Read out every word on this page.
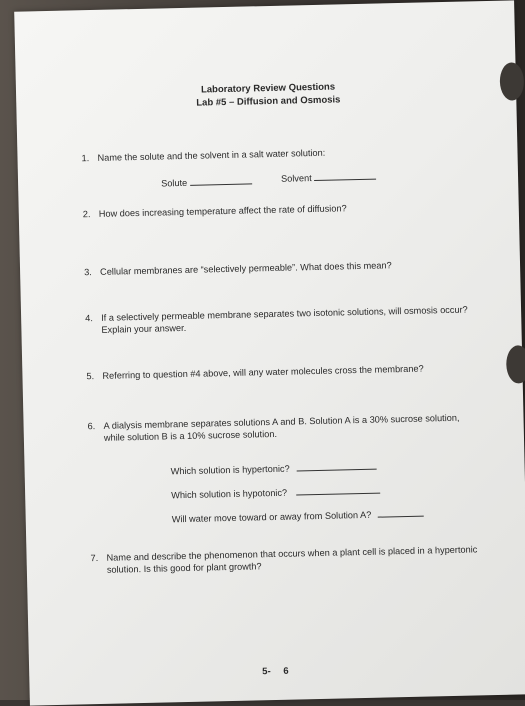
Laboratory Review Questions
Lab #5 – Diffusion and Osmosis
1. Name the solute and the solvent in a salt water solution:
Solute	Solvent
2. How does increasing temperature affect the rate of diffusion?
3. Cellular membranes are “selectively permeable”. What does this mean?
4. If a selectively permeable membrane separates two isotonic solutions, will osmosis occur? Explain your answer.
5. Referring to question #4 above, will any water molecules cross the membrane?
6. A dialysis membrane separates solutions A and B. Solution A is a 30% sucrose solution, while solution B is a 10% sucrose solution.
Which solution is hypertonic?
Which solution is hypotonic?
Will water move toward or away from Solution A?
7. Name and describe the phenomenon that occurs when a plant cell is placed in a hypertonic solution. Is this good for plant growth?
5- 6
